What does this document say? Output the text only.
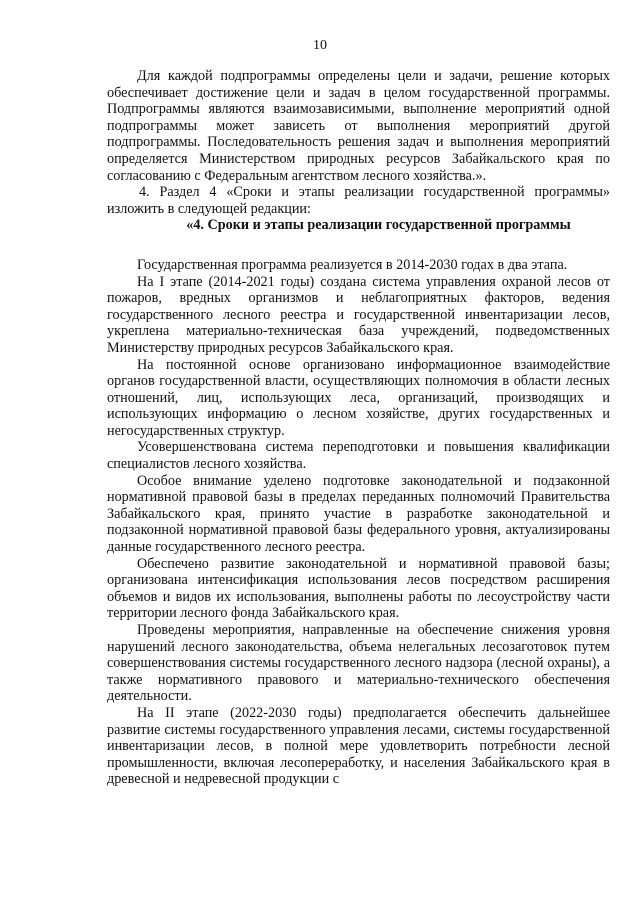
10

Для каждой подпрограммы определены цели и задачи, решение которых обеспечивает достижение цели и задач в целом государственной программы. Подпрограммы являются взаимозависимыми, выполнение мероприятий одной подпрограммы может зависеть от выполнения мероприятий другой подпрограммы. Последовательность решения задач и выполнения мероприятий определяется Министерством природных ресурсов Забайкальского края по согласованию с Федеральным агентством лесного хозяйства.».

4. Раздел 4 «Сроки и этапы реализации государственной программы» изложить в следующей редакции:

«4. Сроки и этапы реализации государственной программы

Государственная программа реализуется в 2014-2030 годах в два этапа.

На I этапе (2014-2021 годы) создана система управления охраной лесов от пожаров, вредных организмов и неблагоприятных факторов, ведения государственного лесного реестра и государственной инвентаризации лесов, укреплена материально-техническая база учреждений, подведомственных Министерству природных ресурсов Забайкальского края.

На постоянной основе организовано информационное взаимодействие органов государственной власти, осуществляющих полномочия в области лесных отношений, лиц, использующих леса, организаций, производящих и использующих информацию о лесном хозяйстве, других государственных и негосударственных структур.

Усовершенствована система переподготовки и повышения квалификации специалистов лесного хозяйства.

Особое внимание уделено подготовке законодательной и подзаконной нормативной правовой базы в пределах переданных полномочий Правительства Забайкальского края, принято участие в разработке законодательной и подзаконной нормативной правовой базы федерального уровня, актуализированы данные государственного лесного реестра.

Обеспечено развитие законодательной и нормативной правовой базы; организована интенсификация использования лесов посредством расширения объемов и видов их использования, выполнены работы по лесоустройству части территории лесного фонда Забайкальского края.

Проведены мероприятия, направленные на обеспечение снижения уровня нарушений лесного законодательства, объема нелегальных лесозаготовок путем совершенствования системы государственного лесного надзора (лесной охраны), а также нормативного правового и материально-технического обеспечения деятельности.

На II этапе (2022-2030 годы) предполагается обеспечить дальнейшее развитие системы государственного управления лесами, системы государственной инвентаризации лесов, в полной мере удовлетворить потребности лесной промышленности, включая лесопереработку, и населения Забайкальского края в древесной и недревесной продукции с
